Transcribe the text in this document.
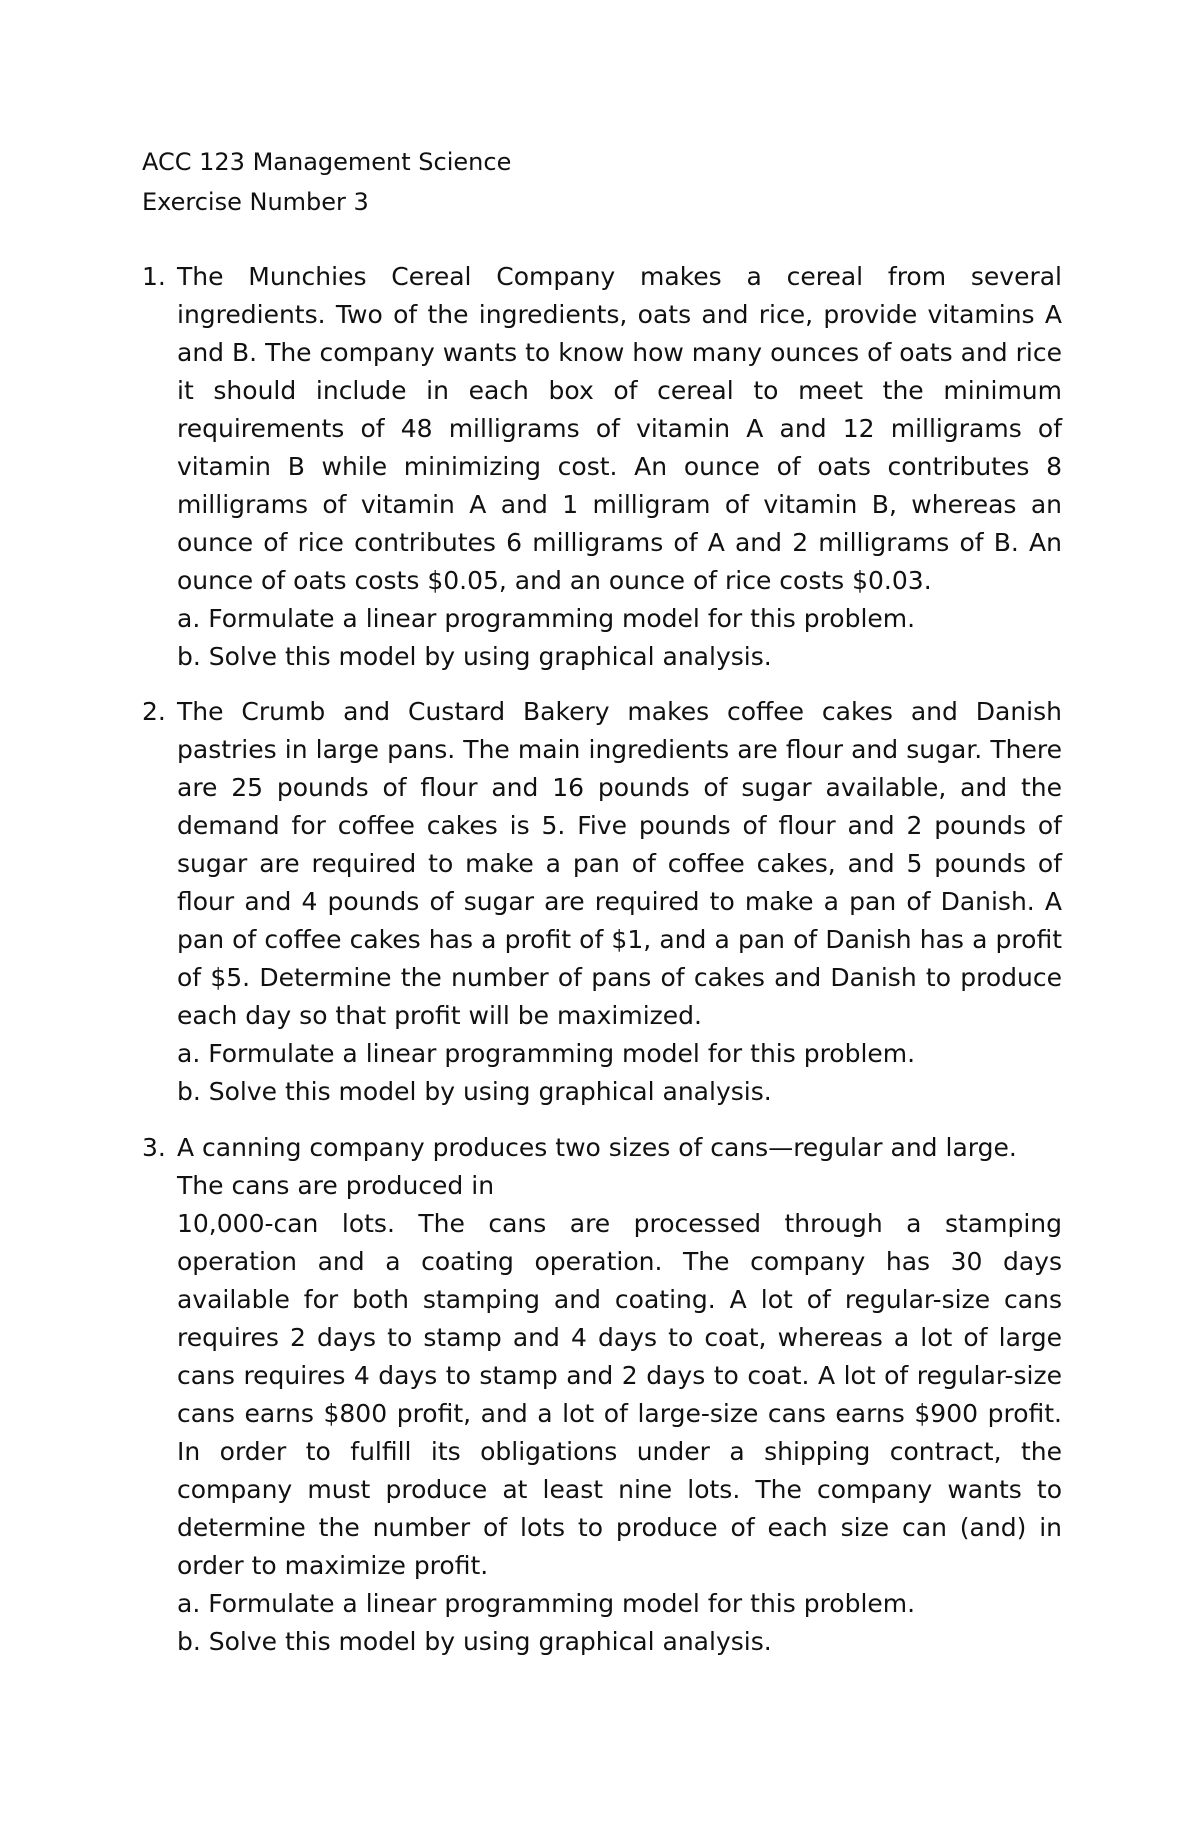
ACC 123 Management Science
Exercise Number 3
1. The Munchies Cereal Company makes a cereal from several ingredients. Two of the ingredients, oats and rice, provide vitamins A and B. The company wants to know how many ounces of oats and rice it should include in each box of cereal to meet the minimum requirements of 48 milligrams of vitamin A and 12 milligrams of vitamin B while minimizing cost. An ounce of oats contributes 8 milligrams of vitamin A and 1 milligram of vitamin B, whereas an ounce of rice contributes 6 milligrams of A and 2 milligrams of B. An ounce of oats costs $0.05, and an ounce of rice costs $0.03.

a. Formulate a linear programming model for this problem.

b. Solve this model by using graphical analysis.

2. The Crumb and Custard Bakery makes coffee cakes and Danish pastries in large pans. The main ingredients are flour and sugar. There are 25 pounds of flour and 16 pounds of sugar available, and the demand for coffee cakes is 5. Five pounds of flour and 2 pounds of sugar are required to make a pan of coffee cakes, and 5 pounds of flour and 4 pounds of sugar are required to make a pan of Danish. A pan of coffee cakes has a profit of $1, and a pan of Danish has a profit of $5. Determine the number of pans of cakes and Danish to produce each day so that profit will be maximized.

a. Formulate a linear programming model for this problem.

b. Solve this model by using graphical analysis.

3. A canning company produces two sizes of cans—regular and large.

The cans are produced in

10,000-can lots. The cans are processed through a stamping operation and a coating operation. The company has 30 days available for both stamping and coating. A lot of regular-size cans requires 2 days to stamp and 4 days to coat, whereas a lot of large cans requires 4 days to stamp and 2 days to coat. A lot of regular-size cans earns $800 profit, and a lot of large-size cans earns $900 profit. In order to fulfill its obligations under a shipping contract, the company must produce at least nine lots. The company wants to determine the number of lots to produce of each size can (and) in order to maximize profit.

a. Formulate a linear programming model for this problem.

b. Solve this model by using graphical analysis.
